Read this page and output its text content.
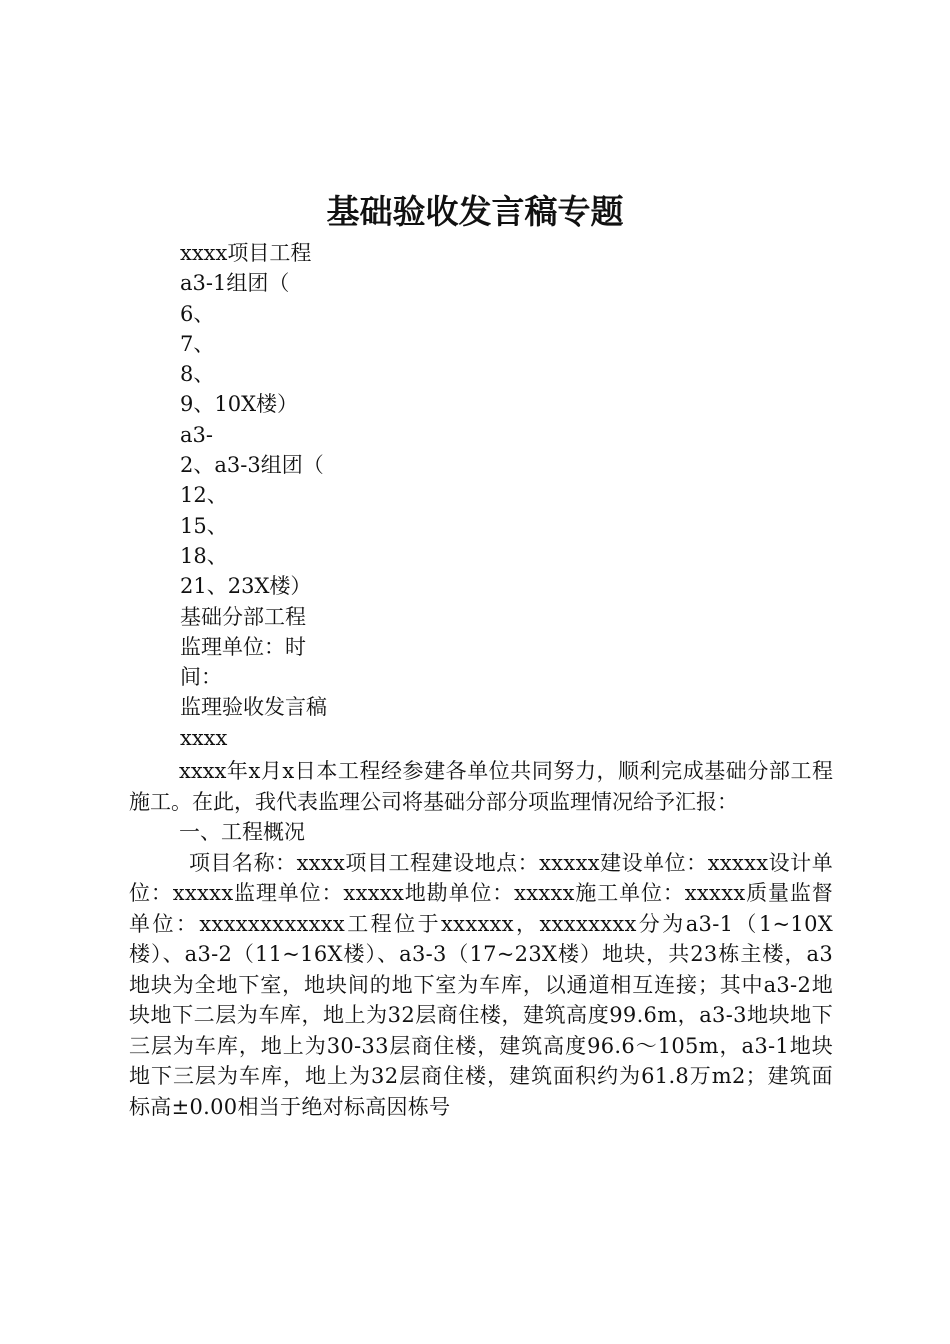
基础验收发言稿专题
xxxx项目工程
a3-1组团（
6、
7、
8、
9、10X楼）
a3-
2、a3-3组团（
12、
15、
18、
21、23X楼）
基础分部工程
监理单位：时
间：
监理验收发言稿
xxxx

xxxx年x月x日本工程经参建各单位共同努力，顺利完成基础分部工程施工。在此，我代表监理公司将基础分部分项监理情况给予汇报：

一、工程概况

项目名称：xxxx项目工程建设地点：xxxxx建设单位：xxxxx设计单位：xxxxx监理单位：xxxxx地勘单位：xxxxx施工单位：xxxxx质量监督单位：xxxxxxxxxxxx工程位于xxxxxx，xxxxxxxx分为a3-1（1~10X楼）、a3-2（11~16X楼）、a3-3（17~23X楼）地块，共23栋主楼，a3地块为全地下室，地块间的地下室为车库，以通道相互连接；其中a3-2地块地下二层为车库，地上为32层商住楼，建筑高度99.6m，a3-3地块地下三层为车库，地上为30-33层商住楼，建筑高度96.6～105m，a3-1地块地下三层为车库，地上为32层商住楼，建筑面积约为61.8万m2；建筑面标高±0.00相当于绝对标高因栋号
